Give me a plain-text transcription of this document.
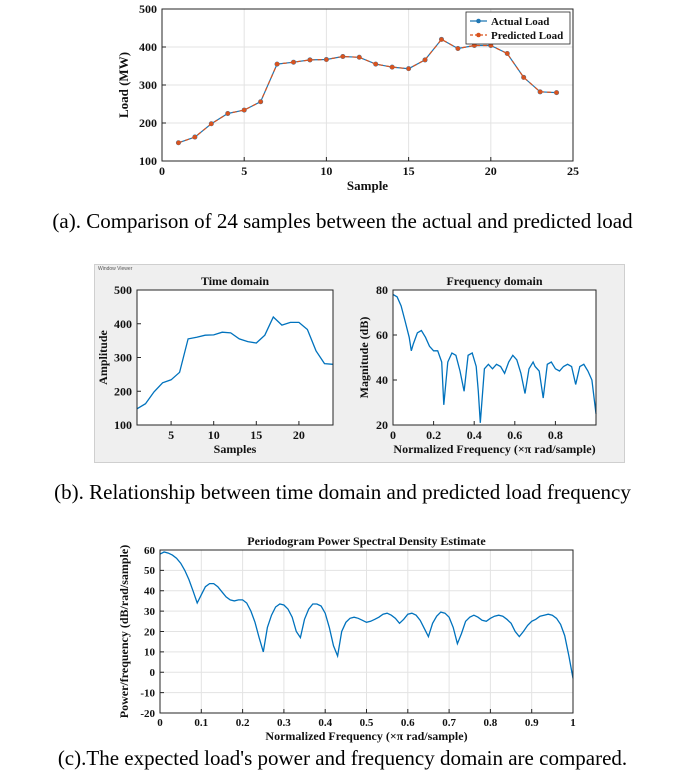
0	5	10	15	20	25
100
200
300
400
500
Sample
Load (MW)
Actual Load
Predicted Load
(a). Comparison of 24 samples between the actual and predicted load
Window Viewer
5	10	15	20
100
200
300
400
500
Time domain
Samples
Amplitude
0	0.2 0.4 0.6 0.8
20
40
60
80
Frequency domain
Normalized Frequency (×π rad/sample)
Magnitude (dB)
(b). Relationship between time domain and predicted load frequency
0	0.1	0.2	0.3	0.4	0.5	0.6	0.7	0.8	0.9	1
-20
-10
0
10
20
30
40
50
60
Periodogram Power Spectral Density Estimate
Normalized Frequency (×π rad/sample)
Power/frequency (dB/rad/sample)
(c).The expected load's power and frequency domain are compared.
